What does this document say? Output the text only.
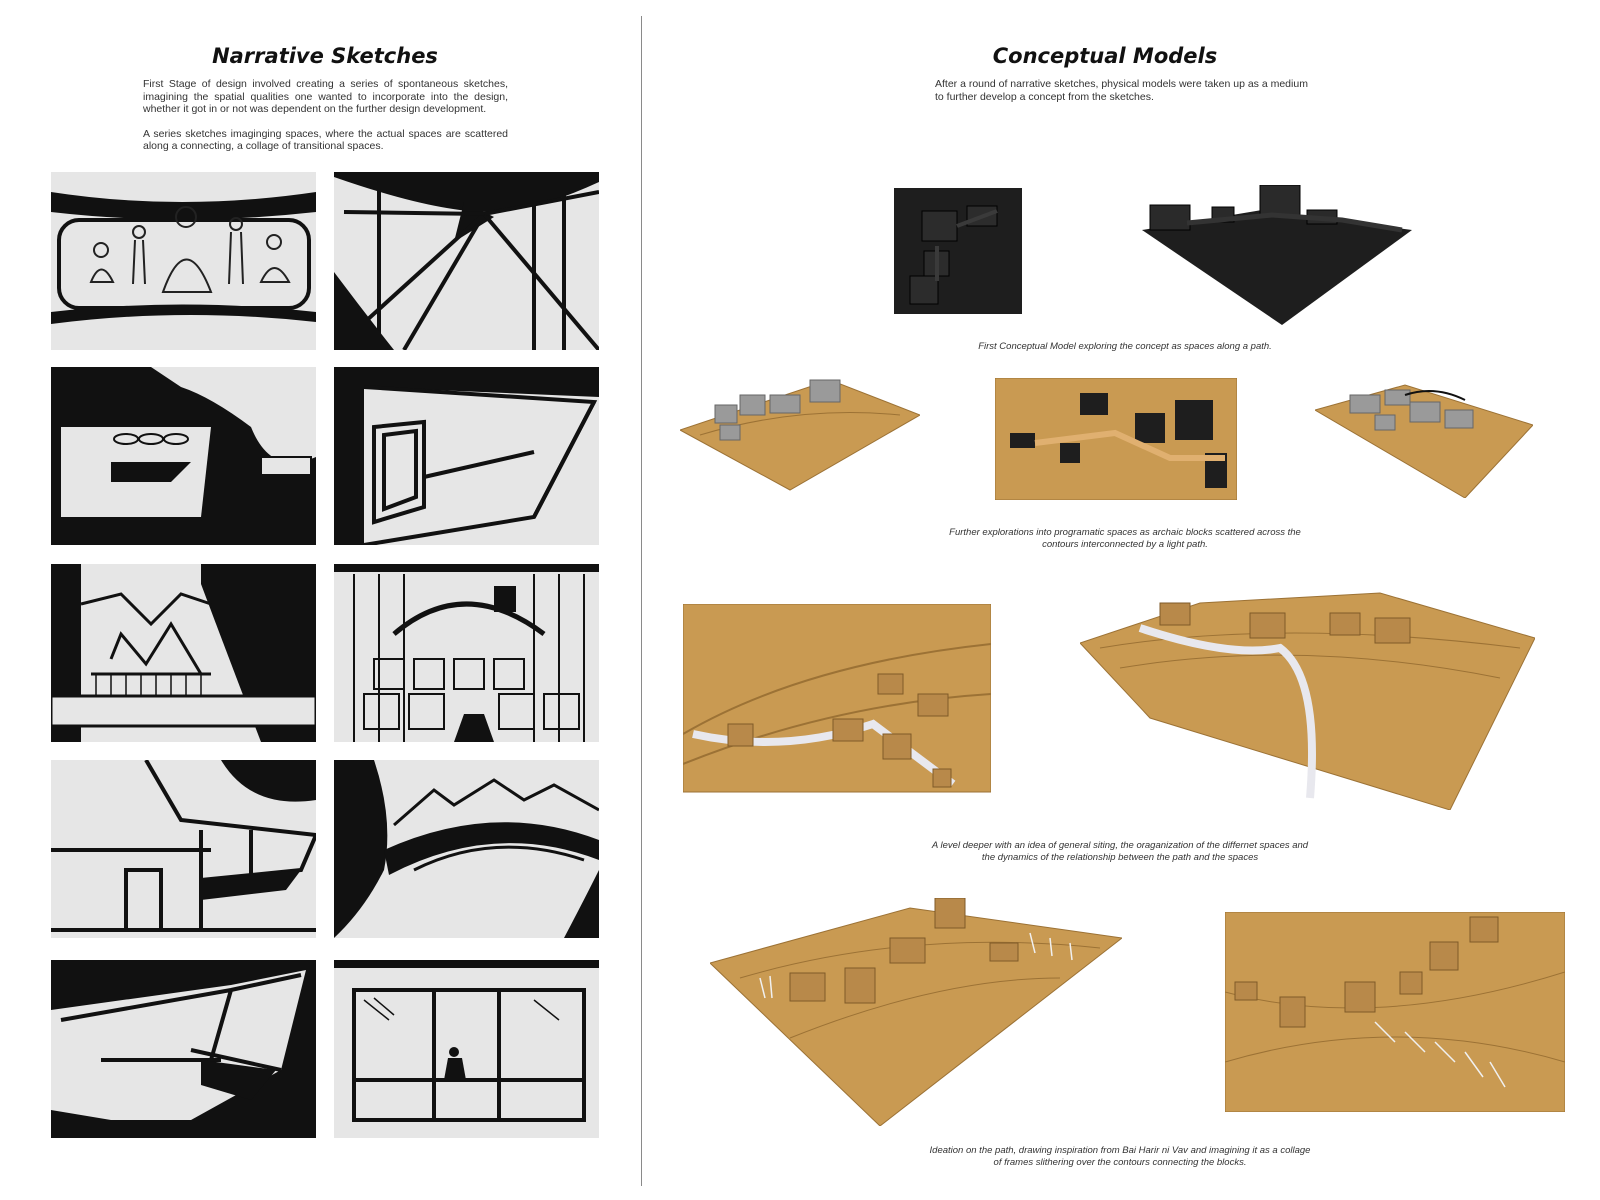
Narrative Sketches

First Stage of design involved creating a series of spontaneous sketches, imagining the spatial qualities one wanted to incorporate into the design, whether it got in or not was dependent on the further design development.

A series sketches imaginging spaces, where the actual spaces are scattered along a connecting, a collage of transitional spaces.

Conceptual Models
After a round of narrative sketches, physical models were taken up as a medium to further develop a concept from the sketches.
First Conceptual Model exploring the concept as spaces along a path.
Further explorations into programatic spaces as archaic blocks scattered across the
contours interconnected by a light path.
A level deeper with an idea of general siting, the oraganization of the differnet spaces and
the dynamics of the relationship between the path and the spaces
Ideation on the path, drawing inspiration from Bai Harir ni Vav and imagining it as a collage
of frames slithering over the contours connecting the blocks.
